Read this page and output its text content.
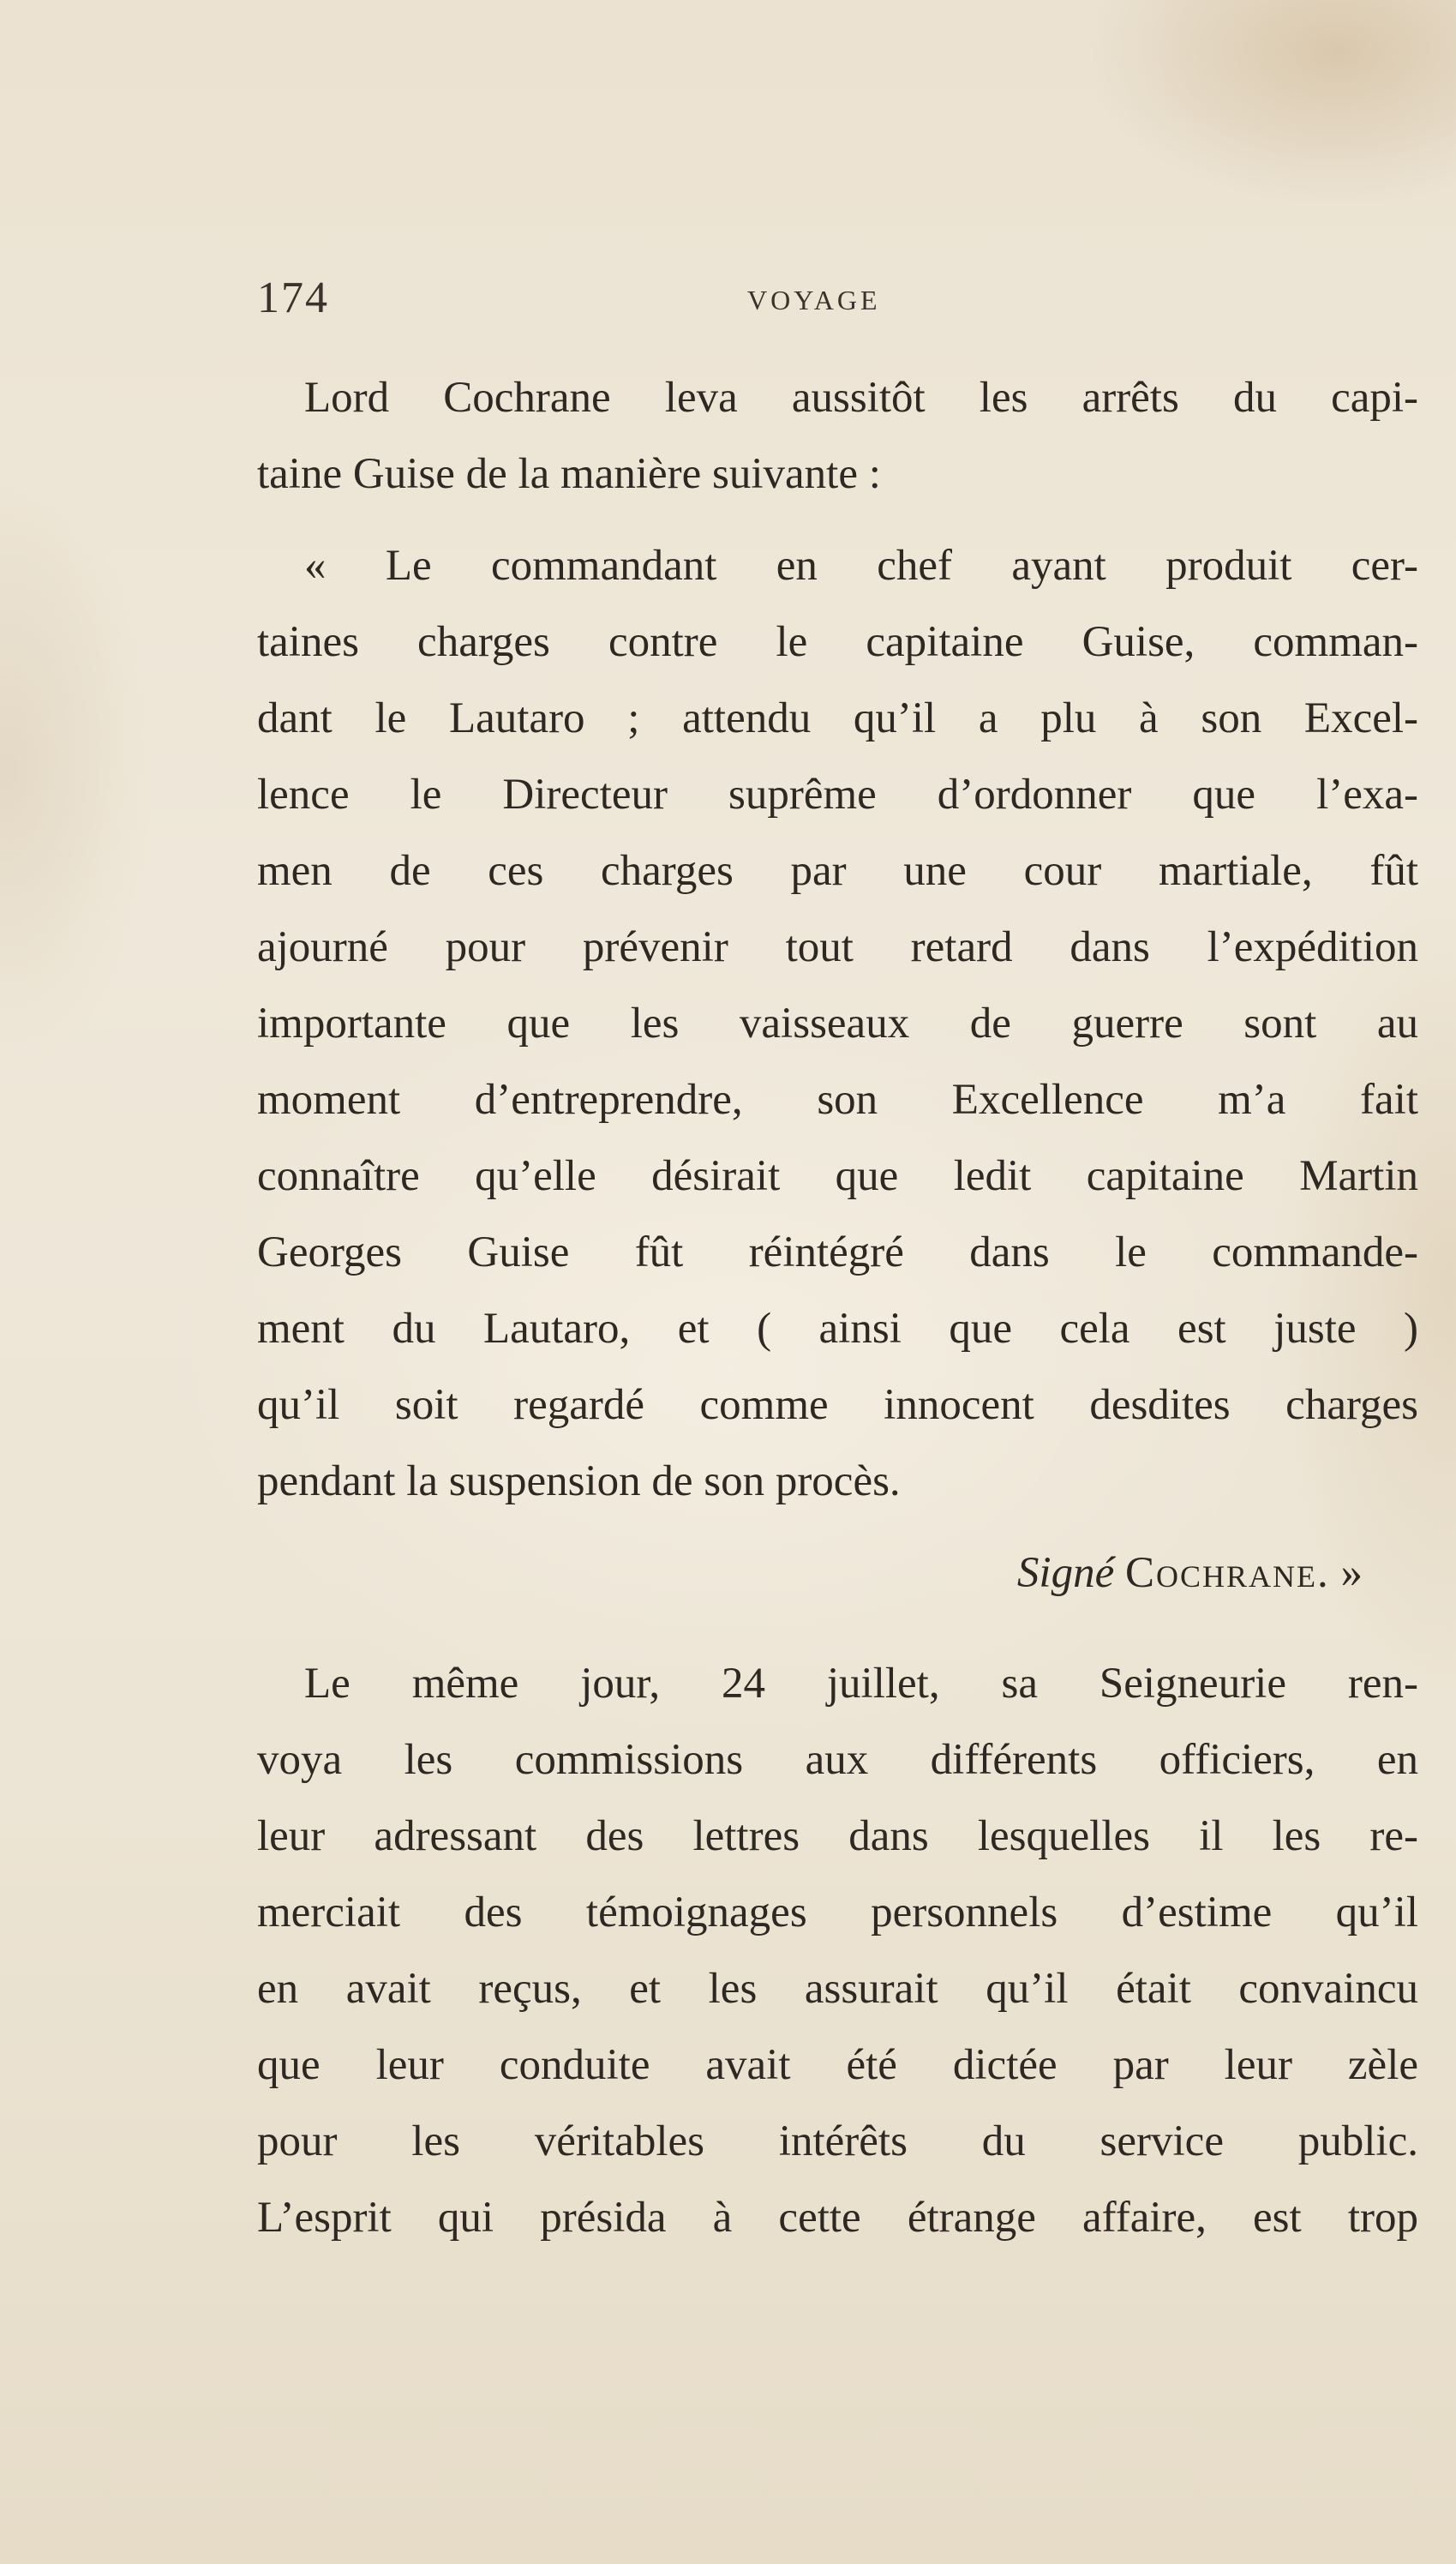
174	VOYAGE

Lord Cochrane leva aussitôt les arrêts du capi-
taine Guise de la manière suivante :

« Le commandant en chef ayant produit cer-
taines charges contre le capitaine Guise, comman-
dant le Lautaro ; attendu qu’il a plu à son Excel-
lence le Directeur suprême d’ordonner que l’exa-
men de ces charges par une cour martiale, fût
ajourné pour prévenir tout retard dans l’expédition
importante que les vaisseaux de guerre sont au
moment d’entreprendre, son Excellence m’a fait
connaître qu’elle désirait que ledit capitaine Martin
Georges Guise fût réintégré dans le commande-
ment du Lautaro, et ( ainsi que cela est juste )
qu’il soit regardé comme innocent desdites charges
pendant la suspension de son procès.

Signé Cochrane. »

Le même jour, 24 juillet, sa Seigneurie ren-
voya les commissions aux différents officiers, en
leur adressant des lettres dans lesquelles il les re-
merciait des témoignages personnels d’estime qu’il
en avait reçus, et les assurait qu’il était convaincu
que leur conduite avait été dictée par leur zèle
pour les véritables intérêts du service public.
L’esprit qui présida à cette étrange affaire, est trop
